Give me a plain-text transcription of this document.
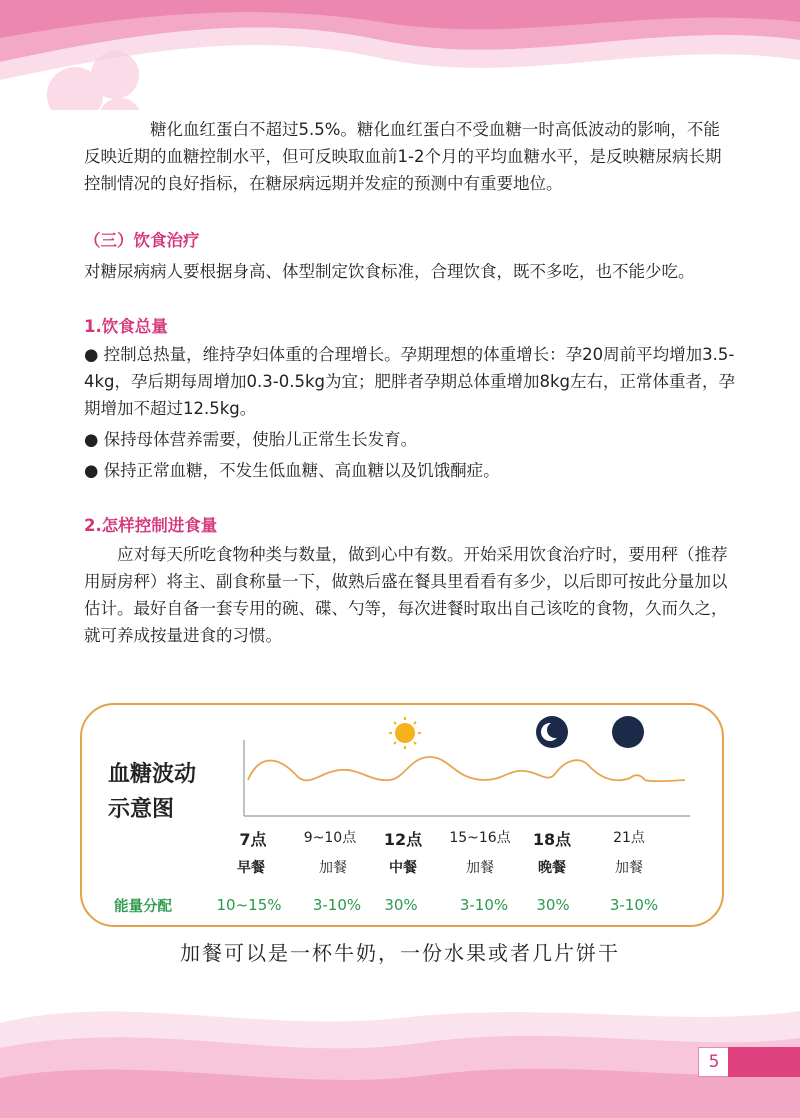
　　糖化血红蛋白不超过5.5%。糖化血红蛋白不受血糖一时高低波动的影响，不能反映近期的血糖控制水平，但可反映取血前1-2个月的平均血糖水平，是反映糖尿病长期控制情况的良好指标，在糖尿病远期并发症的预测中有重要地位。
（三）饮食治疗
对糖尿病病人要根据身高、体型制定饮食标准，合理饮食，既不多吃，也不能少吃。
1.饮食总量
● 控制总热量，维持孕妇体重的合理增长。孕期理想的体重增长：孕20周前平均增加3.5-4kg，孕后期每周增加0.3-0.5kg为宜；肥胖者孕期总体重增加8kg左右，正常体重者，孕期增加不超过12.5kg。
● 保持母体营养需要，使胎儿正常生长发育。
● 保持正常血糖，不发生低血糖、高血糖以及饥饿酮症。
2.怎样控制进食量
应对每天所吃食物种类与数量，做到心中有数。开始采用饮食治疗时，要用秤（推荐用厨房秤）将主、副食称量一下，做熟后盛在餐具里看看有多少，以后即可按此分量加以估计。最好自备一套专用的碗、碟、勺等，每次进餐时取出自己该吃的食物，久而久之，就可养成按量进食的习惯。
血糖波动
示意图
7点	9~10点	12点	15~16点	18点	21点
早餐	加餐	中餐	加餐	晚餐	加餐
能量分配	10~15%	3-10%	30%	3-10%	30%	3-10%
加餐可以是一杯牛奶，一份水果或者几片饼干
5
